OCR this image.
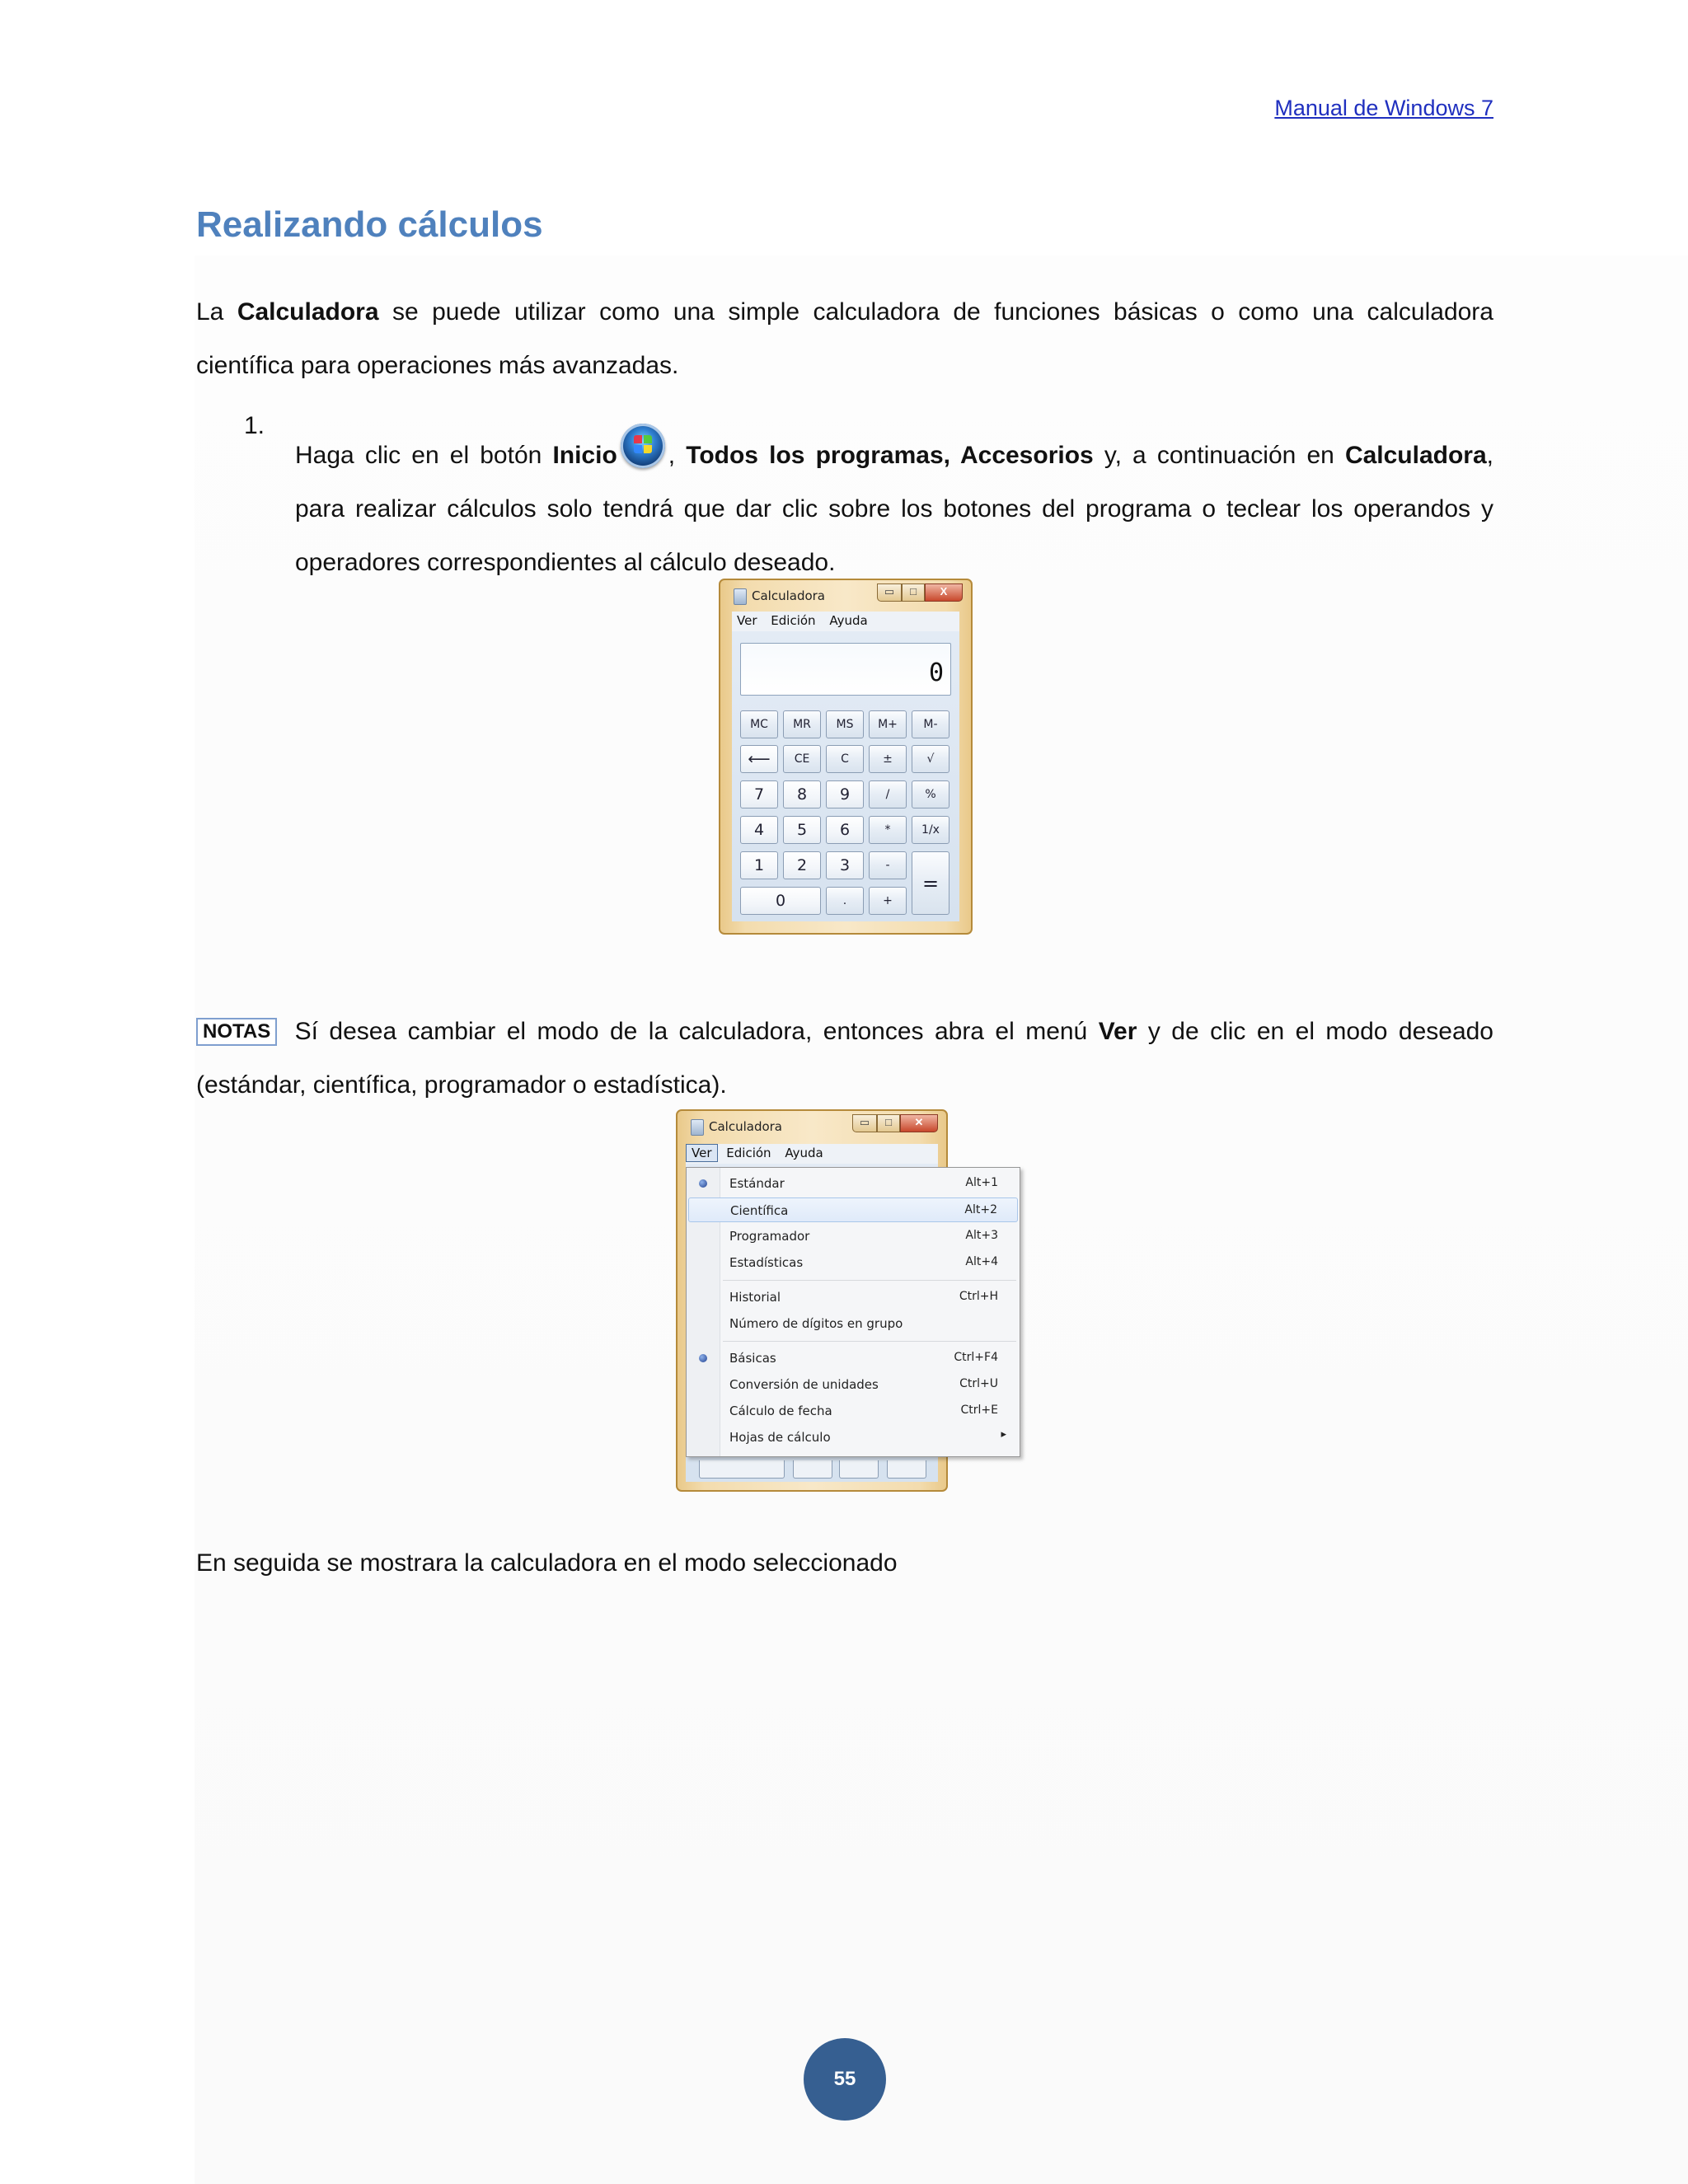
Manual de Windows 7
Realizando cálculos

La Calculadora se puede utilizar como una simple calculadora de funciones básicas o como una calculadora científica para operaciones más avanzadas.

1.

Haga clic en el botón Inicio , Todos los programas, Accesorios y, a continuación en Calculadora, para realizar cálculos solo tendrá que dar clic sobre los botones del programa o teclear los operandos y operadores correspondientes al cálculo deseado.

Calculadora	▭	□	X
Ver Edición Ayuda
0
MC	MR	MS	M+	M-
⟵	CE	C	±	√
7	8	9	/	%
4	5	6	*	1/x
1	2	3	-
0	.	+
=

NOTAS Sí desea cambiar el modo de la calculadora, entonces abra el menú Ver y de clic en el modo deseado (estándar, científica, programador o estadística).

Calculadora	▭	□	✕
Ver Edición Ayuda
Estándar	Alt+1
Científica	Alt+2
Programador	Alt+3
Estadísticas	Alt+4
Historial	Ctrl+H
Número de dígitos en grupo
Básicas	Ctrl+F4
Conversión de unidades	Ctrl+U
Cálculo de fecha	Ctrl+E
Hojas de cálculo	▸

En seguida se mostrara la calculadora en el modo seleccionado

55
